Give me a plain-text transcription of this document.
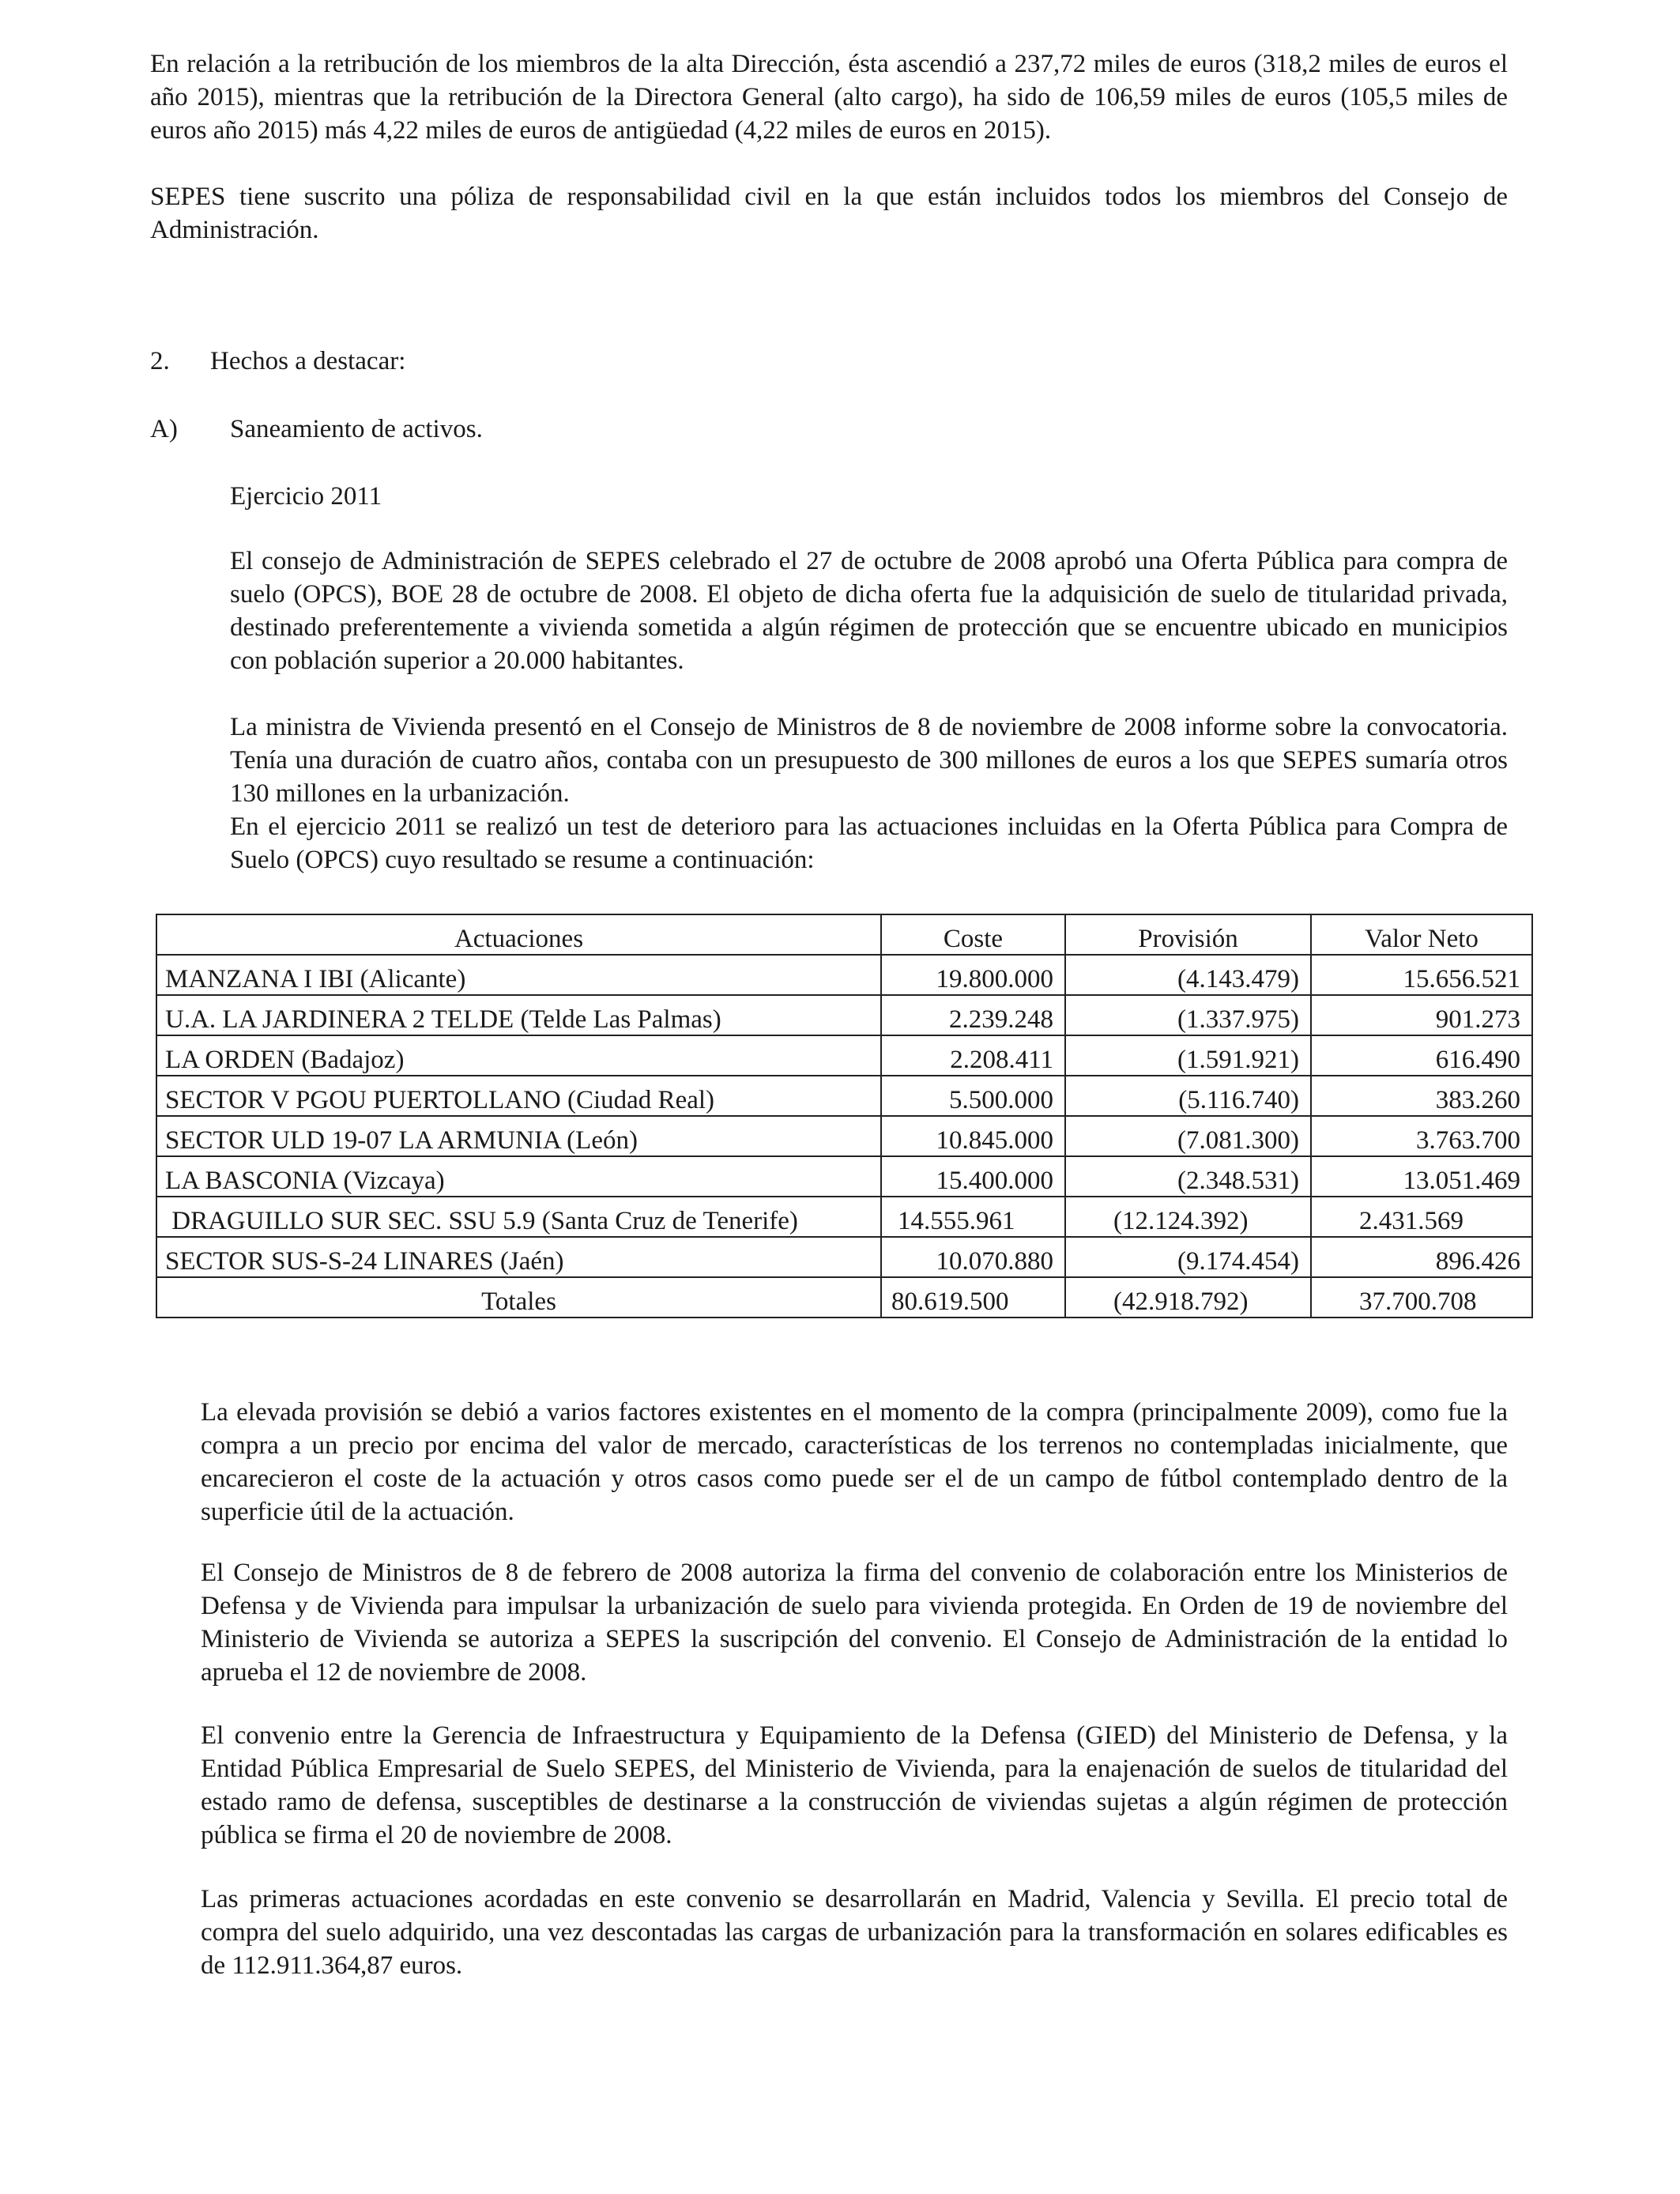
En relación a la retribución de los miembros de la alta Dirección, ésta ascendió a 237,72 miles de euros (318,2 miles de euros el año 2015), mientras que la retribución de la Directora General (alto cargo), ha sido de 106,59 miles de euros (105,5 miles de euros año 2015) más 4,22 miles de euros de antigüedad (4,22 miles de euros en 2015).

SEPES tiene suscrito una póliza de responsabilidad civil en la que están incluidos todos los miembros del Consejo de Administración.

2. Hechos a destacar:
A) Saneamiento de activos.
Ejercicio 2011

El consejo de Administración de SEPES celebrado el 27 de octubre de 2008 aprobó una Oferta Pública para compra de suelo (OPCS), BOE 28 de octubre de 2008. El objeto de dicha oferta fue la adquisición de suelo de titularidad privada, destinado preferentemente a vivienda sometida a algún régimen de protección que se encuentre ubicado en municipios con población superior a 20.000 habitantes.

La ministra de Vivienda presentó en el Consejo de Ministros de 8 de noviembre de 2008 informe sobre la convocatoria. Tenía una duración de cuatro años, contaba con un presupuesto de 300 millones de euros a los que SEPES sumaría otros 130 millones en la urbanización.

En el ejercicio 2011 se realizó un test de deterioro para las actuaciones incluidas en la Oferta Pública para Compra de Suelo (OPCS) cuyo resultado se resume a continuación:

Actuaciones	Coste	Provisión	Valor Neto
MANZANA I IBI (Alicante)	19.800.000	(4.143.479)	15.656.521
U.A. LA JARDINERA 2 TELDE (Telde Las Palmas)	2.239.248	(1.337.975)	901.273
LA ORDEN (Badajoz)	2.208.411	(1.591.921)	616.490
SECTOR V PGOU PUERTOLLANO (Ciudad Real)	5.500.000	(5.116.740)	383.260
SECTOR ULD 19-07 LA ARMUNIA (León)	10.845.000	(7.081.300)	3.763.700
LA BASCONIA (Vizcaya)	15.400.000	(2.348.531)	13.051.469
DRAGUILLO SUR SEC. SSU 5.9 (Santa Cruz de Tenerife)	14.555.961	(12.124.392)	2.431.569
SECTOR SUS-S-24 LINARES (Jaén)	10.070.880	(9.174.454)	896.426
Totales	80.619.500	(42.918.792)	37.700.708

La elevada provisión se debió a varios factores existentes en el momento de la compra (principalmente 2009), como fue la compra a un precio por encima del valor de mercado, características de los terrenos no contempladas inicialmente, que encarecieron el coste de la actuación y otros casos como puede ser el de un campo de fútbol contemplado dentro de la superficie útil de la actuación.

El Consejo de Ministros de 8 de febrero de 2008 autoriza la firma del convenio de colaboración entre los Ministerios de Defensa y de Vivienda para impulsar la urbanización de suelo para vivienda protegida. En Orden de 19 de noviembre del Ministerio de Vivienda se autoriza a SEPES la suscripción del convenio. El Consejo de Administración de la entidad lo aprueba el 12 de noviembre de 2008.

El convenio entre la Gerencia de Infraestructura y Equipamiento de la Defensa (GIED) del Ministerio de Defensa, y la Entidad Pública Empresarial de Suelo SEPES, del Ministerio de Vivienda, para la enajenación de suelos de titularidad del estado ramo de defensa, susceptibles de destinarse a la construcción de viviendas sujetas a algún régimen de protección pública se firma el 20 de noviembre de 2008.

Las primeras actuaciones acordadas en este convenio se desarrollarán en Madrid, Valencia y Sevilla. El precio total de compra del suelo adquirido, una vez descontadas las cargas de urbanización para la transformación en solares edificables es de 112.911.364,87 euros.
